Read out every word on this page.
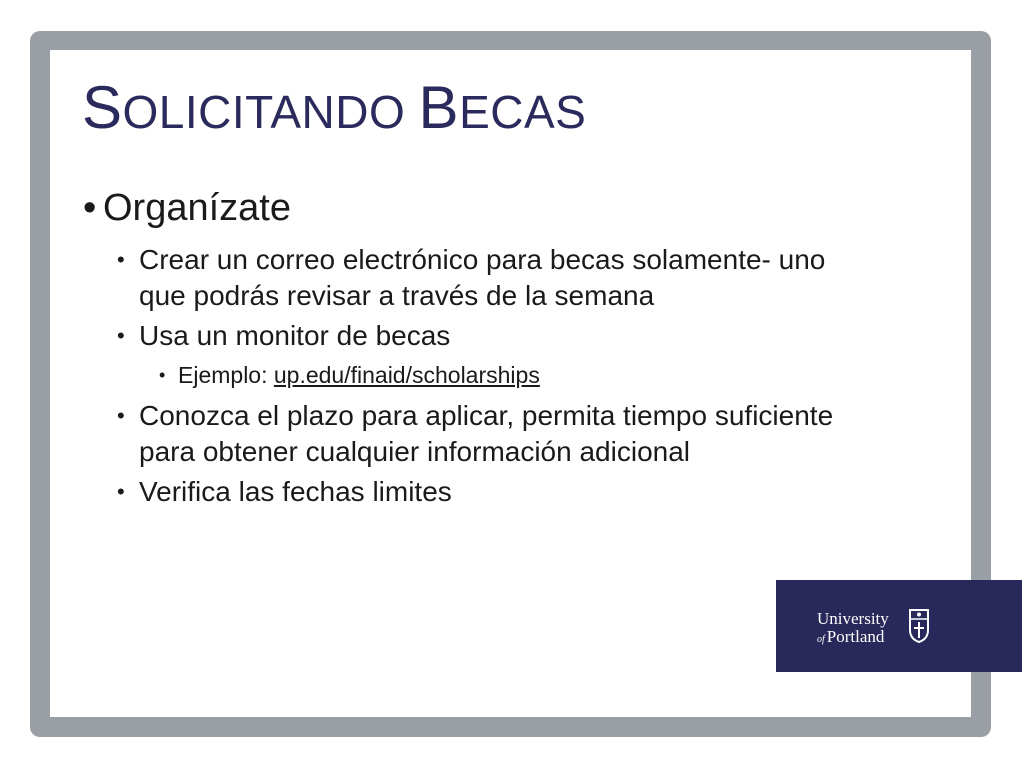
SOLICITANDO BECAS
• Organízate
• Crear un correo electrónico para becas solamente- uno
que podrás revisar a través de la semana
• Usa un monitor de becas
• Ejemplo: up.edu/finaid/scholarships
• Conozca el plazo para aplicar, permita tiempo suficiente
para obtener cualquier información adicional
• Verifica las fechas limites
University
of Portland
